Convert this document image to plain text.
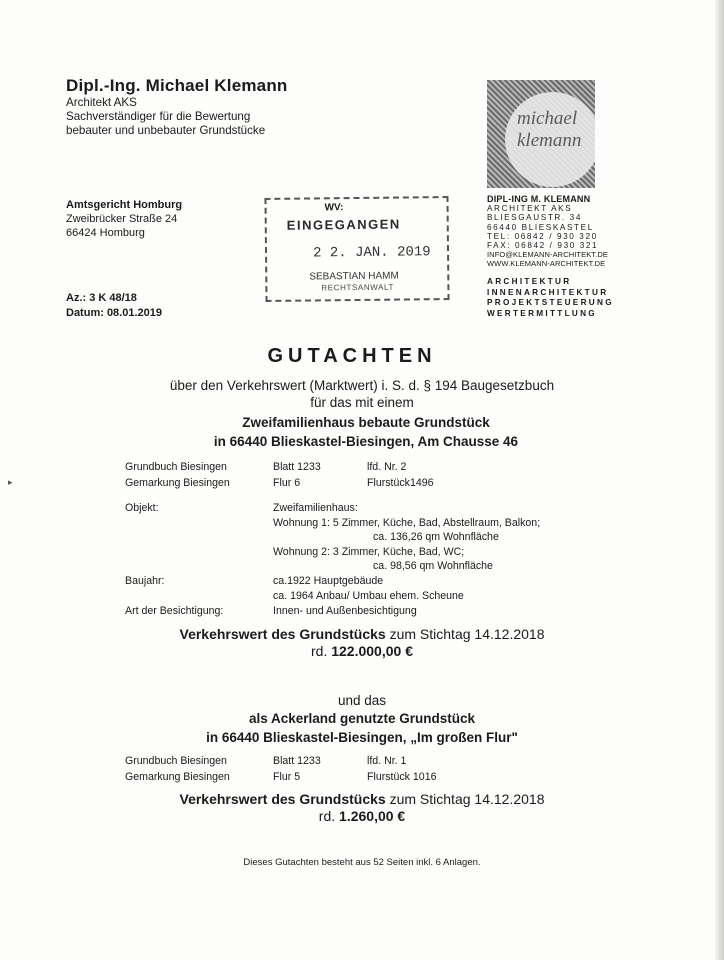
▸
Dipl.-Ing. Michael Klemann
Architekt AKS
Sachverständiger für die Bewertung
bebauter und unbebauter Grundstücke
Amtsgericht Homburg
Zweibrücker Straße 24
66424 Homburg
Az.: 3 K 48/18
Datum: 08.01.2019
WV:
EINGEGANGEN
2 2. JAN. 2019
SEBASTIAN HAMM
RECHTSANWALT
michael
klemann
DIPL-ING M. KLEMANN
ARCHITEKT AKS
BLIESGAUSTR. 34
66440 BLIESKASTEL
TEL: 06842 / 930 320
FAX: 06842 / 930 321
INFO@KLEMANN-ARCHITEKT.DE
WWW.KLEMANN-ARCHITEKT.DE
ARCHITEKTUR
INNENARCHITEKTUR
PROJEKTSTEUERUNG
WERTERMITTLUNG
GUTACHTEN
über den Verkehrswert (Marktwert) i. S. d. § 194 Baugesetzbuch
für das mit einem
Zweifamilienhaus bebaute Grundstück
in 66440 Blieskastel-Biesingen, Am Chausse 46
Grundbuch Biesingen	Blatt 1233	lfd. Nr. 2
Gemarkung Biesingen	Flur 6	Flurstück1496
Objekt:	Zweifamilienhaus:
Wohnung 1: 5 Zimmer, Küche, Bad, Abstellraum, Balkon;
ca. 136,26 qm Wohnfläche
Wohnung 2: 3 Zimmer, Küche, Bad, WC;
ca. 98,56 qm Wohnfläche
Baujahr:	ca.1922 Hauptgebäude
ca. 1964 Anbau/ Umbau ehem. Scheune
Art der Besichtigung:	Innen- und Außenbesichtigung
Verkehrswert des Grundstücks zum Stichtag 14.12.2018
rd. 122.000,00 €
und das
als Ackerland genutzte Grundstück
in 66440 Blieskastel-Biesingen, „Im großen Flur"
Grundbuch Biesingen	Blatt 1233	lfd. Nr. 1
Gemarkung Biesingen	Flur 5	Flurstück 1016
Verkehrswert des Grundstücks zum Stichtag 14.12.2018
rd. 1.260,00 €
Dieses Gutachten besteht aus 52 Seiten inkl. 6 Anlagen.
